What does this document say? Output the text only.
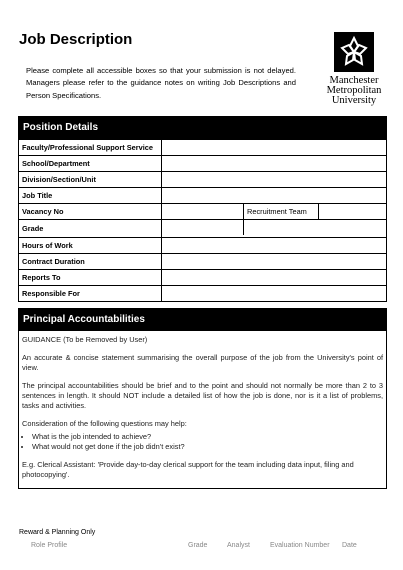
Job Description
Please complete all accessible boxes so that your submission is not delayed. Managers please refer to the guidance notes on writing Job Descriptions and Person Specifications.
Manchester
Metropolitan
University
Position Details
Faculty/Professional Support Service		
School/Department		
Division/Section/Unit		
Job Title		
Vacancy No		Recruitment Team
Grade		
Hours of Work		
Contract Duration		
Reports To		
Responsible For		
Principal Accountabilities

GUIDANCE (To be Removed by User)

An accurate & concise statement summarising the overall purpose of the job from the University's point of view.

The principal accountabilities should be brief and to the point and should not normally be more than 2 to 3 sentences in length. It should NOT include a detailed list of how the job is done, nor is it a list of problems, tasks and activities.

Consideration of the following questions may help:

• What is the job intended to achieve?
• What would not get done if the job didn't exist?

E.g. Clerical Assistant: 'Provide day-to-day clerical support for the team including data input, filing and photocopying'.

Reward & Planning Only
Role Profile	Grade	Analyst	Evaluation Number Date
